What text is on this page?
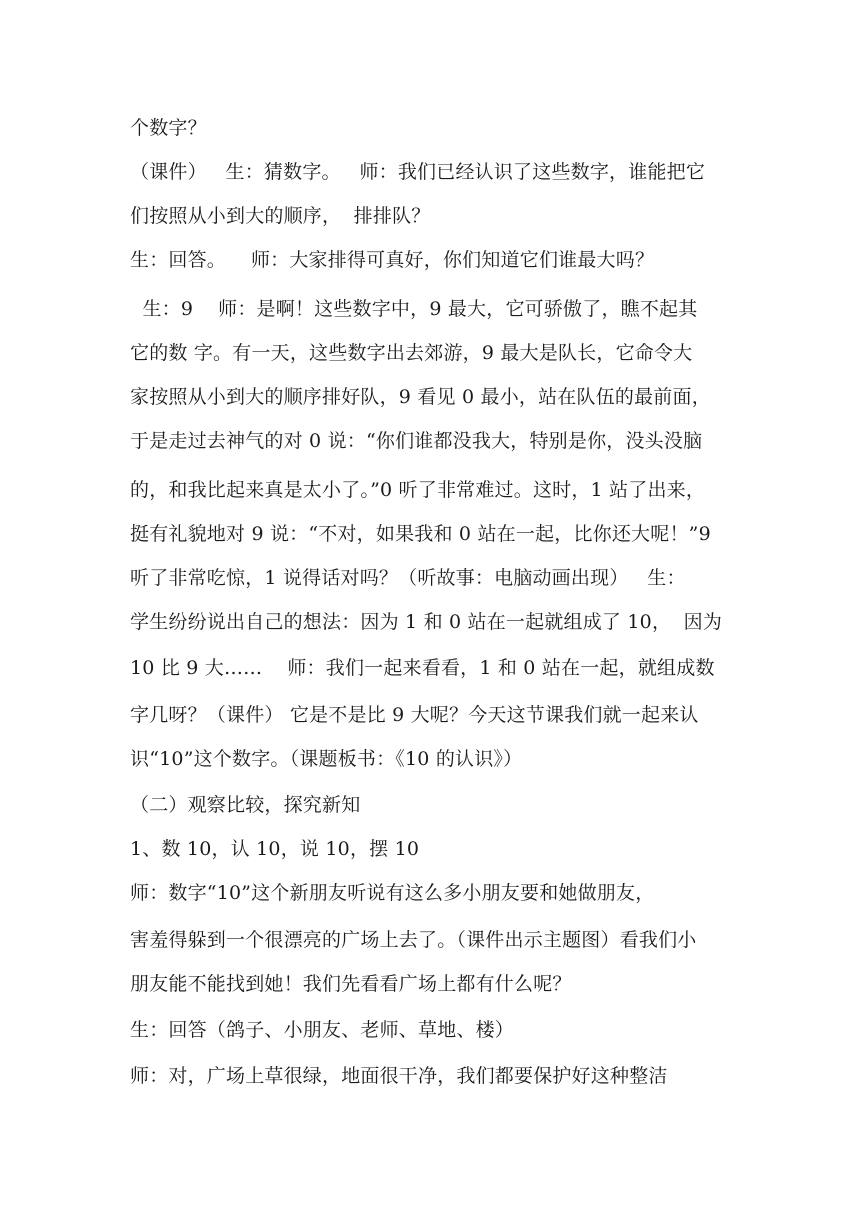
个数字？
（课件）   生：猜数字。   师：我们已经认识了这些数字，谁能把它
们按照从小到大的顺序，  排排队？
生：回答。    师：大家排得可真好，你们知道它们谁最大吗？
生：9    师：是啊！这些数字中，9 最大，它可骄傲了，瞧不起其
它的数 字。有一天，这些数字出去郊游，9 最大是队长，它命令大
家按照从小到大的顺序排好队，9 看见 0 最小，站在队伍的最前面，
于是走过去神气的对 0 说：“你们谁都没我大，特别是你，没头没脑
的，和我比起来真是太小了。”0 听了非常难过。这时，1 站了出来，
挺有礼貌地对 9 说：“不对，如果我和 0 站在一起，比你还大呢！”9
听了非常吃惊，1 说得话对吗？（听故事：电脑动画出现）   生：
学生纷纷说出自己的想法：因为 1 和 0 站在一起就组成了 10，  因为
10 比 9 大……    师：我们一起来看看，1 和 0 站在一起，就组成数
字几呀？（课件） 它是不是比 9 大呢？今天这节课我们就一起来认
识“10”这个数字。（课题板书：《10 的认识》）
（二）观察比较，探究新知
1、数 10，认 10，说 10，摆 10
师：数字“10”这个新朋友听说有这么多小朋友要和她做朋友，
害羞得躲到一个很漂亮的广场上去了。（课件出示主题图）看我们小
朋友能不能找到她！我们先看看广场上都有什么呢？
生：回答（鸽子、小朋友、老师、草地、楼）
师：对，广场上草很绿，地面很干净，我们都要保护好这种整洁
